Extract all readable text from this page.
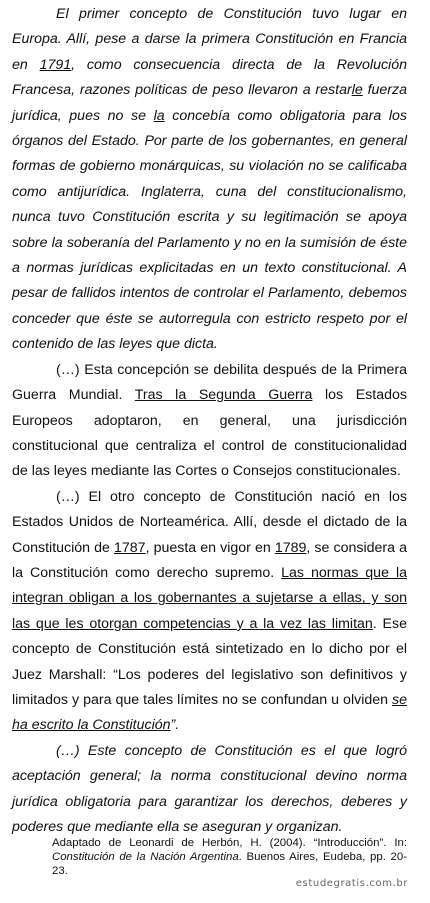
El primer concepto de Constitución tuvo lugar en Europa. Allí, pese a darse la primera Constitución en Francia en 1791, como consecuencia directa de la Revolución Francesa, razones políticas de peso llevaron a restarle fuerza jurídica, pues no se la concebía como obligatoria para los órganos del Estado. Por parte de los gobernantes, en general formas de gobierno monárquicas, su violación no se calificaba como antijurídica. Inglaterra, cuna del constitucionalismo, nunca tuvo Constitución escrita y su legitimación se apoya sobre la soberanía del Parlamento y no en la sumisión de éste a normas jurídicas explicitadas en un texto constitucional. A pesar de fallidos intentos de controlar el Parlamento, debemos conceder que éste se autorregula con estricto respeto por el contenido de las leyes que dicta.

(…) Esta concepción se debilita después de la Primera Guerra Mundial. Tras la Segunda Guerra los Estados Europeos adoptaron, en general, una jurisdicción constitucional que centraliza el control de constitucionalidad de las leyes mediante las Cortes o Consejos constitucionales.

(…) El otro concepto de Constitución nació en los Estados Unidos de Norteamérica. Allí, desde el dictado de la Constitución de 1787, puesta en vigor en 1789, se considera a la Constitución como derecho supremo. Las normas que la integran obligan a los gobernantes a sujetarse a ellas, y son las que les otorgan competencias y a la vez las limitan. Ese concepto de Constitución está sintetizado en lo dicho por el Juez Marshall: “Los poderes del legislativo son definitivos y limitados y para que tales límites no se confundan u olviden se ha escrito la Constitución”.

(…) Este concepto de Constitución es el que logró aceptación general; la norma constitucional devino norma jurídica obligatoria para garantizar los derechos, deberes y poderes que mediante ella se aseguran y organizan.

Adaptado de Leonardi de Herbón, H. (2004). “Introducción”. In: Constitución de la Nación Argentina. Buenos Aires, Eudeba, pp. 20-23.
estudegratis.com.br
